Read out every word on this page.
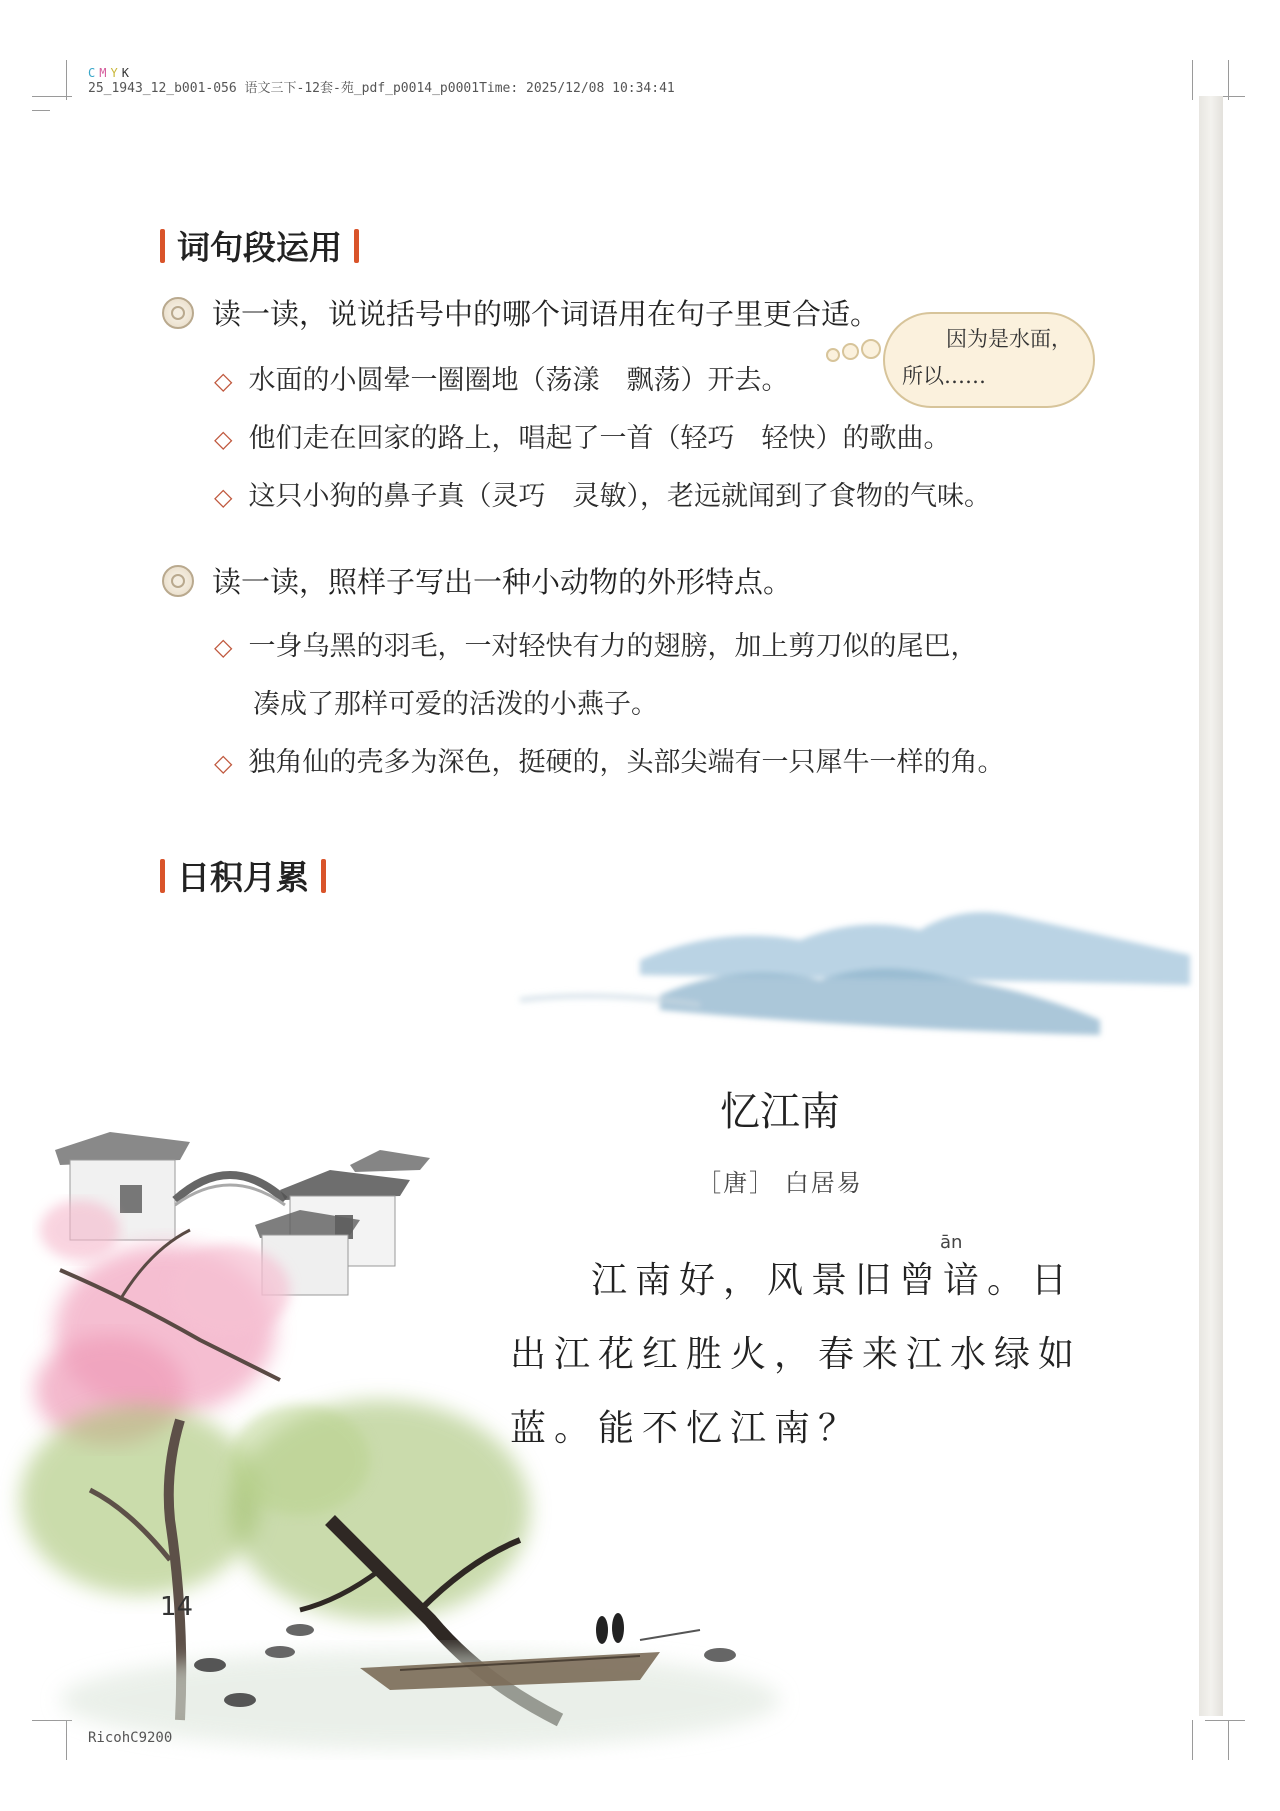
CMYK
25_1943_12_b001-056 语文三下-12套-苑_pdf_p0014_p0001Time: 2025/12/08 10:34:41
词句段运用
读一读，说说括号中的哪个词语用在句子里更合适。
◇ 水面的小圆晕一圈圈地（荡漾　飘荡）开去。
◇ 他们走在回家的路上，唱起了一首（轻巧　轻快）的歌曲。
◇ 这只小狗的鼻子真（灵巧　灵敏），老远就闻到了食物的气味。
因为是水面，
所以……
读一读，照样子写出一种小动物的外形特点。
◇ 一身乌黑的羽毛，一对轻快有力的翅膀，加上剪刀似的尾巴，
凑成了那样可爱的活泼的小燕子。
◇ 独角仙的壳多为深色，挺硬的，头部尖端有一只犀牛一样的角。
日积月累
忆江南
［唐］ 白居易
ān
江南好，风景旧曾谙。日
出江花红胜火，春来江水绿如
蓝。能不忆江南？
14
RicohC9200
